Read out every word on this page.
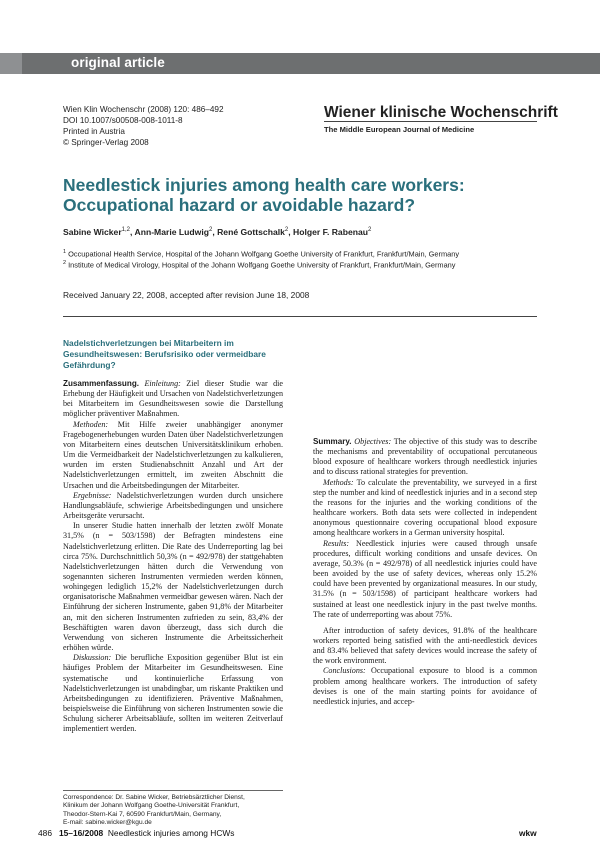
original article
Wien Klin Wochenschr (2008) 120: 486–492
DOI 10.1007/s00508-008-1011-8
Printed in Austria
© Springer-Verlag 2008
Wiener klinische Wochenschrift
The Middle European Journal of Medicine
Needlestick injuries among health care workers:
Occupational hazard or avoidable hazard?
Sabine Wicker$^{1,2}$, Ann-Marie Ludwig$^2$, René Gottschalk$^2$, Holger F. Rabenau$^2$
$^1$ Occupational Health Service, Hospital of the Johann Wolfgang Goethe University of Frankfurt, Frankfurt/Main, Germany
$^2$ Institute of Medical Virology, Hospital of the Johann Wolfgang Goethe University of Frankfurt, Frankfurt/Main, Germany
Received January 22, 2008, accepted after revision June 18, 2008
Nadelstichverletzungen bei Mitarbeitern im Gesundheitswesen: Berufsrisiko oder vermeidbare Gefährdung?

Zusammenfassung. Einleitung: Ziel dieser Studie war die Erhebung der Häufigkeit und Ursachen von Nadelstichverletzungen bei Mitarbeitern im Gesundheitswesen sowie die Darstellung möglicher präventiver Maßnahmen.

Methoden: Mit Hilfe zweier unabhängiger anonymer Fragebogenerhebungen wurden Daten über Nadelstichverletzungen von Mitarbeitern eines deutschen Universitätsklinikum erhoben. Um die Vermeidbarkeit der Nadelstichverletzungen zu kalkulieren, wurden im ersten Studienabschnitt Anzahl und Art der Nadelstichverletzungen ermittelt, im zweiten Abschnitt die Ursachen und die Arbeitsbedingungen der Mitarbeiter.

Ergebnisse: Nadelstichverletzungen wurden durch unsichere Handlungsabläufe, schwierige Arbeitsbedingungen und unsichere Arbeitsgeräte verursacht.

In unserer Studie hatten innerhalb der letzten zwölf Monate 31,5% (n = 503/1598) der Befragten mindestens eine Nadelstichverletzung erlitten. Die Rate des Underreporting lag bei circa 75%. Durchschnittlich 50,3% (n = 492/978) der stattgehabten Nadelstichverletzungen hätten durch die Verwendung von sogenannten sicheren Instrumenten vermieden werden können, wohingegen lediglich 15,2% der Nadelstichverletzungen durch organisatorische Maßnahmen vermeidbar gewesen wären. Nach der Einführung der sicheren Instrumente, gaben 91,8% der Mitarbeiter an, mit den sicheren Instrumenten zufrieden zu sein, 83,4% der Beschäftigten waren davon überzeugt, dass sich durch die Verwendung von sicheren Instrumente die Arbeitssicherheit erhöhen würde.

Diskussion: Die berufliche Exposition gegenüber Blut ist ein häufiges Problem der Mitarbeiter im Gesundheitswesen. Eine systematische und kontinuierliche Erfassung von Nadelstichverletzungen ist unabdingbar, um riskante Praktiken und Arbeitsbedingungen zu identifizieren. Präventive Maßnahmen, beispielsweise die Einführung von sicheren Instrumenten sowie die Schulung sicherer Arbeitsabläufe, sollten im weiteren Zeitverlauf implementiert werden.

Correspondence: Dr. Sabine Wicker, Betriebsärztlicher Dienst,
Klinikum der Johann Wolfgang Goethe-Universität Frankfurt,
Theodor-Stern-Kai 7, 60590 Frankfurt/Main, Germany,
E-mail: sabine.wicker@kgu.de

Summary. Objectives: The objective of this study was to describe the mechanisms and preventability of occupational percutaneous blood exposure of healthcare workers through needlestick injuries and to discuss rational strategies for prevention.

Methods: To calculate the preventability, we surveyed in a first step the number and kind of needlestick injuries and in a second step the reasons for the injuries and the working conditions of the healthcare workers. Both data sets were collected in independent anonymous questionnaire covering occupational blood exposure among healthcare workers in a German university hospital.

Results: Needlestick injuries were caused through unsafe procedures, difficult working conditions and unsafe devices. On average, 50.3% (n = 492/978) of all needlestick injuries could have been avoided by the use of safety devices, whereas only 15.2% could have been prevented by organizational measures. In our study, 31.5% (n = 503/1598) of participant healthcare workers had sustained at least one needlestick injury in the past twelve months. The rate of underreporting was about 75%.

After introduction of safety devices, 91.8% of the healthcare workers reported being satisfied with the anti-needlestick devices and 83.4% believed that safety devices would increase the safety of the work environment.

Conclusions: Occupational exposure to blood is a common problem among healthcare workers. The introduction of safety devises is one of the main starting points for avoidance of needlestick injuries, and accep-

486 15–16/2008 Needlestick injuries among HCWs	wkw
